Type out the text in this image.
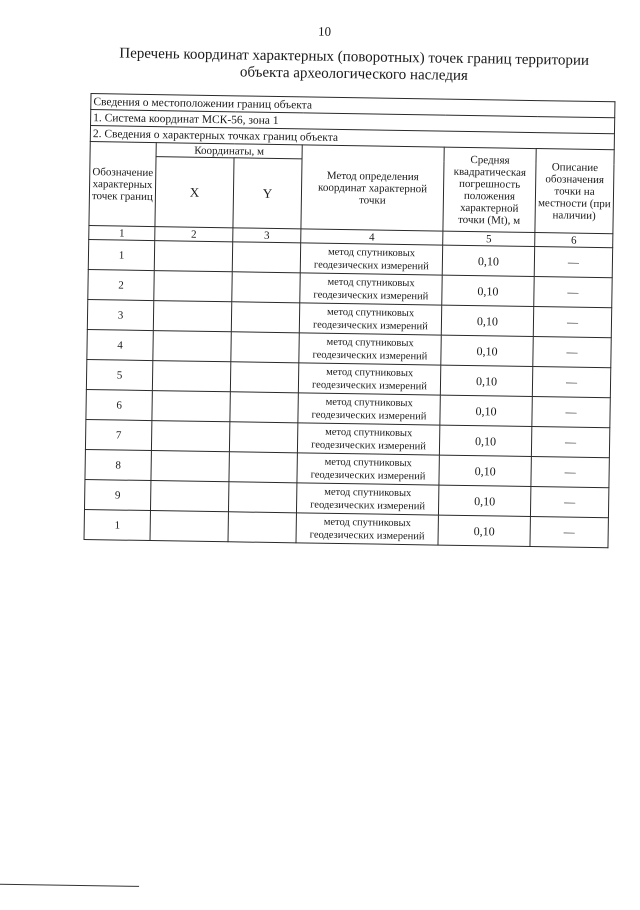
10
Перечень координат характерных (поворотных) точек границ территории
объекта археологического наследия
Сведения о местоположении границ объекта					
1. Система координат МСК-56, зона 1					
2. Сведения о характерных точках границ объекта					
Обозначение характерных точек границ	Координаты, м		Метод определения координат характерной точки	Средняя квадратическая погрешность положения характерной точки (Mt), м	Описание обозначения точки на местности (при наличии)
	X	Y			
1	2	3	4	5	6
1			метод спутниковых геодезических измерений	0,10	—
2			метод спутниковых геодезических измерений	0,10	—
3			метод спутниковых геодезических измерений	0,10	—
4			метод спутниковых геодезических измерений	0,10	—
5			метод спутниковых геодезических измерений	0,10	—
6			метод спутниковых геодезических измерений	0,10	—
7			метод спутниковых геодезических измерений	0,10	—
8			метод спутниковых геодезических измерений	0,10	—
9			метод спутниковых геодезических измерений	0,10	—
1			метод спутниковых геодезических измерений	0,10	—
